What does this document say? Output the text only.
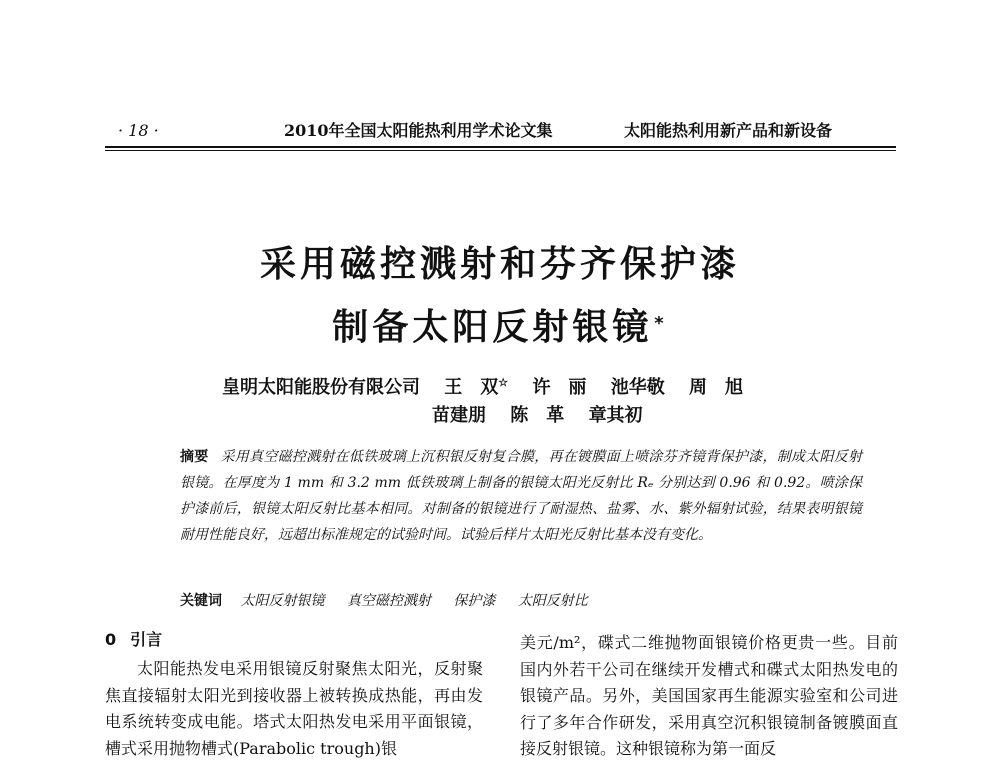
· 18 ·	2010年全国太阳能热利用学术论文集	太阳能热利用新产品和新设备
采用磁控溅射和芬齐保护漆
制备太阳反射银镜 *
皇明太阳能股份有限公司 王　双☆ 许　丽 池华敬 周　旭
苗建朋 陈　革 章其初
摘要 采用真空磁控溅射在低铁玻璃上沉积银反射复合膜，再在镀膜面上喷涂芬齐镜背保护漆，制成太阳反射银镜。在厚度为 1 mm 和 3.2 mm 低铁玻璃上制备的银镜太阳光反射比 Rₑ 分别达到 0.96 和 0.92。喷涂保护漆前后，银镜太阳反射比基本相同。对制备的银镜进行了耐湿热、盐雾、水、紫外辐射试验，结果表明银镜耐用性能良好，远超出标准规定的试验时间。试验后样片太阳光反射比基本没有变化。
关键词 太阳反射银镜 真空磁控溅射 保护漆 太阳反射比
0 引言
太阳能热发电采用银镜反射聚焦太阳光，反射聚焦直接辐射太阳光到接收器上被转换成热能，再由发电系统转变成电能。塔式太阳热发电采用平面银镜，槽式采用抛物槽式(Parabolic trough)银
美元/m²，碟式二维抛物面银镜价格更贵一些。目前国内外若干公司在继续开发槽式和碟式太阳热发电的银镜产品。另外，美国国家再生能源实验室和公司进行了多年合作研发，采用真空沉积银镜制备镀膜面直接反射银镜。这种银镜称为第一面反
